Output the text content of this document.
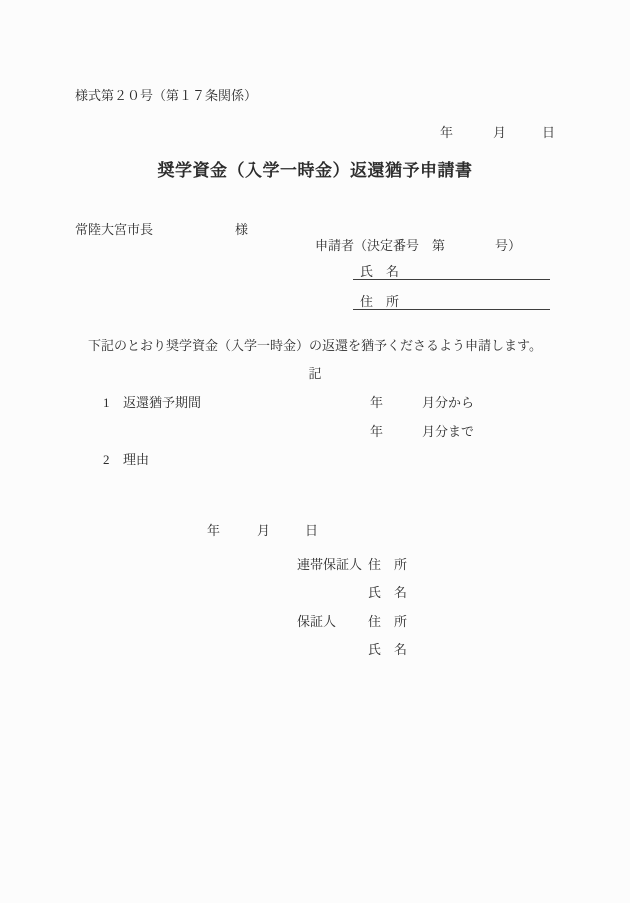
様式第２０号（第１７条関係）
年	月	日
奨学資金（入学一時金）返還猶予申請書
常陸大宮市長	様
申請者（決定番号　第	号）
氏　名
住　所
下記のとおり奨学資金（入学一時金）の返還を猶予くださるよう申請します。
記
1 返還猶予期間	年	月分から
年	月分まで
2 理由
年	月	日
連帯保証人 住　所
氏　名
保証人 住　所
氏　名
